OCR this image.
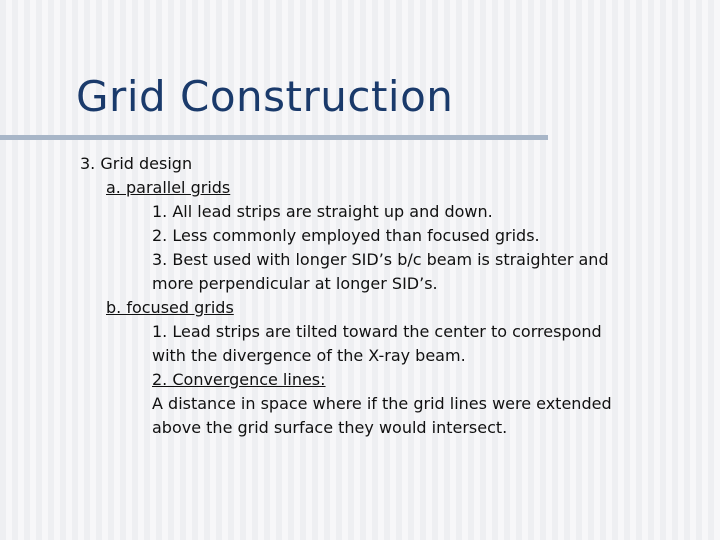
Grid Construction
3. Grid design
a. parallel grids
1. All lead strips are straight up and down.
2. Less commonly employed than focused grids.
3. Best used with longer SID’s b/c beam is straighter and
more perpendicular at longer SID’s.
b. focused grids
1. Lead strips are tilted toward the center to correspond
with the divergence of the X-ray beam.
2. Convergence lines:
A distance in space where if the grid lines were extended
above the grid surface they would intersect.
